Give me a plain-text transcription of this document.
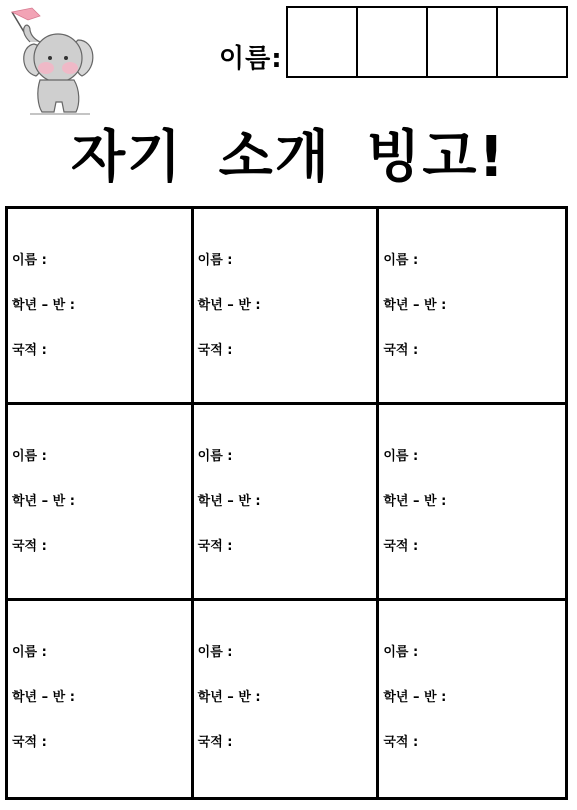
이름:
자기 소개 빙고!
이름 :
학년 – 반 :
국적 :
이름 :
학년 – 반 :
국적 :
이름 :
학년 – 반 :
국적 :
이름 :
학년 – 반 :
국적 :
이름 :
학년 – 반 :
국적 :
이름 :
학년 – 반 :
국적 :
이름 :
학년 – 반 :
국적 :
이름 :
학년 – 반 :
국적 :
이름 :
학년 – 반 :
국적 :
